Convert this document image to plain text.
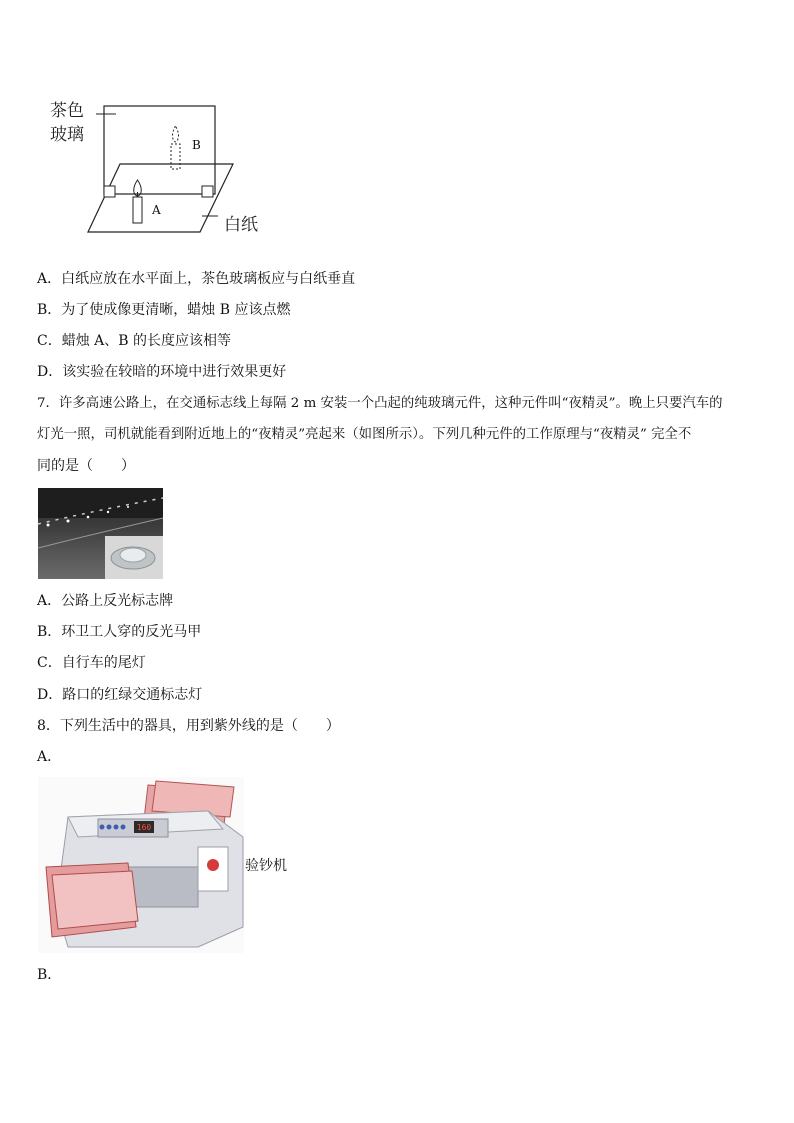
茶色
玻璃
白纸
A
B
A．白纸应放在水平面上，茶色玻璃板应与白纸垂直
B．为了使成像更清晰，蜡烛 B 应该点燃
C．蜡烛 A、B 的长度应该相等
D．该实验在较暗的环境中进行效果更好
7．许多高速公路上，在交通标志线上每隔 2 m 安装一个凸起的纯玻璃元件，这种元件叫“夜精灵”。晚上只要汽车的
灯光一照，司机就能看到附近地上的“夜精灵”亮起来（如图所示）。下列几种元件的工作原理与“夜精灵” 完全不
同的是（　　）
A．公路上反光标志牌
B．环卫工人穿的反光马甲
C．自行车的尾灯
D．路口的红绿交通标志灯
8．下列生活中的器具，用到紫外线的是（　　）
A．
160
验钞机
B．
